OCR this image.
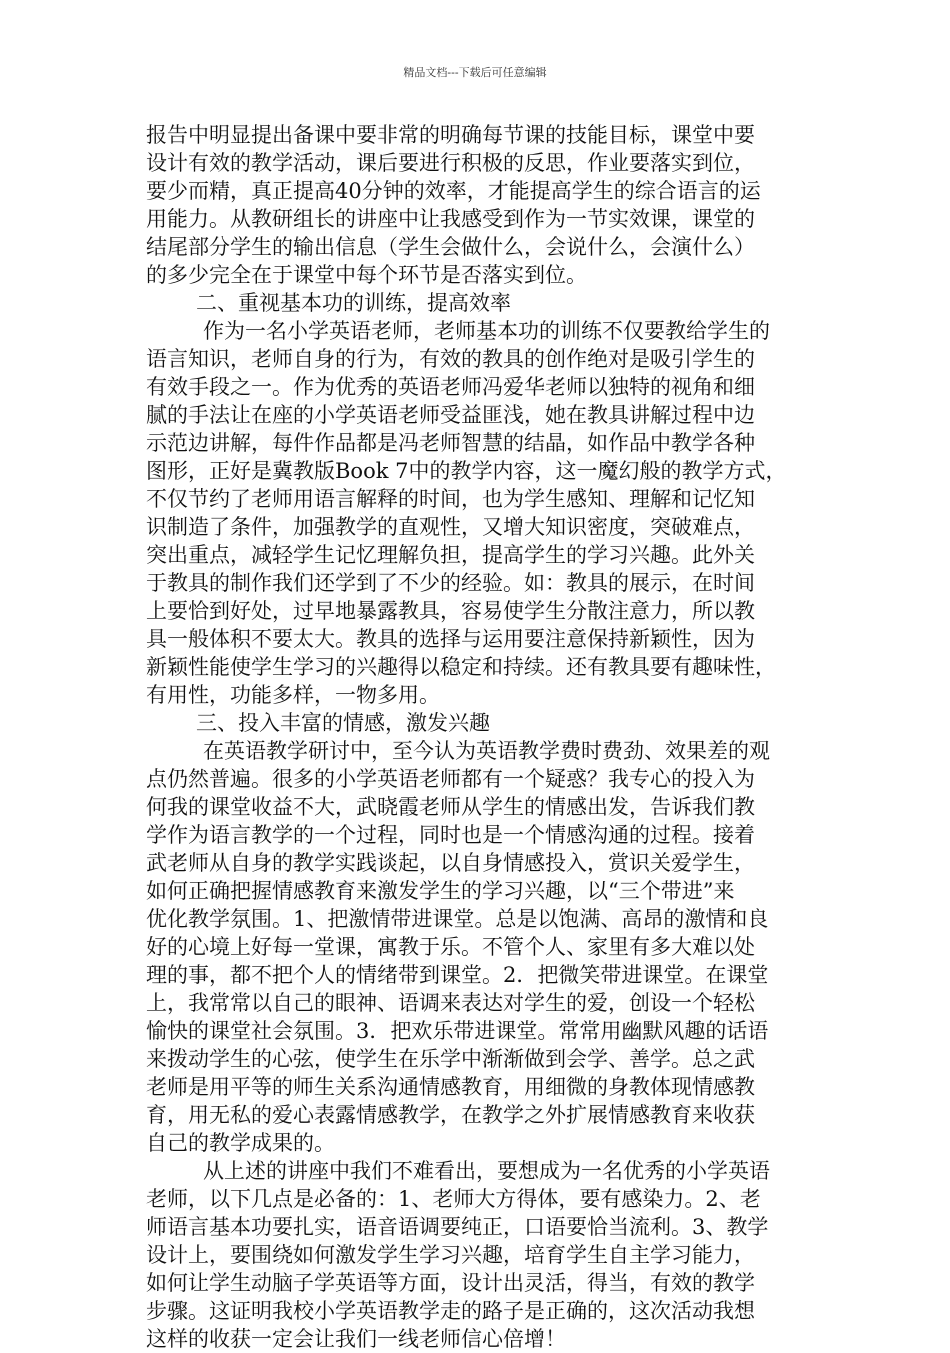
精品文档---下载后可任意编辑
报告中明显提出备课中要非常的明确每节课的技能目标，课堂中要
设计有效的教学活动，课后要进行积极的反思，作业要落实到位，
要少而精，真正提高40分钟的效率，才能提高学生的综合语言的运
用能力。从教研组长的讲座中让我感受到作为一节实效课，课堂的
结尾部分学生的输出信息（学生会做什么，会说什么，会演什么）
的多少完全在于课堂中每个环节是否落实到位。
二、重视基本功的训练，提高效率
作为一名小学英语老师，老师基本功的训练不仅要教给学生的
语言知识，老师自身的行为，有效的教具的创作绝对是吸引学生的
有效手段之一。作为优秀的英语老师冯爱华老师以独特的视角和细
腻的手法让在座的小学英语老师受益匪浅，她在教具讲解过程中边
示范边讲解，每件作品都是冯老师智慧的结晶，如作品中教学各种
图形，正好是冀教版Book 7中的教学内容，这一魔幻般的教学方式，
不仅节约了老师用语言解释的时间，也为学生感知、理解和记忆知
识制造了条件，加强教学的直观性，又增大知识密度，突破难点，
突出重点，减轻学生记忆理解负担，提高学生的学习兴趣。此外关
于教具的制作我们还学到了不少的经验。如：教具的展示，在时间
上要恰到好处，过早地暴露教具，容易使学生分散注意力，所以教
具一般体积不要太大。教具的选择与运用要注意保持新颖性，因为
新颖性能使学生学习的兴趣得以稳定和持续。还有教具要有趣味性，
有用性，功能多样，一物多用。
三、投入丰富的情感，激发兴趣
在英语教学研讨中，至今认为英语教学费时费劲、效果差的观
点仍然普遍。很多的小学英语老师都有一个疑惑？我专心的投入为
何我的课堂收益不大，武晓霞老师从学生的情感出发，告诉我们教
学作为语言教学的一个过程，同时也是一个情感沟通的过程。接着
武老师从自身的教学实践谈起，以自身情感投入，赏识关爱学生，
如何正确把握情感教育来激发学生的学习兴趣，以“三个带进”来
优化教学氛围。1、把激情带进课堂。总是以饱满、高昂的激情和良
好的心境上好每一堂课，寓教于乐。不管个人、家里有多大难以处
理的事，都不把个人的情绪带到课堂。2．把微笑带进课堂。在课堂
上，我常常以自己的眼神、语调来表达对学生的爱，创设一个轻松
愉快的课堂社会氛围。3．把欢乐带进课堂。常常用幽默风趣的话语
来拨动学生的心弦，使学生在乐学中渐渐做到会学、善学。总之武
老师是用平等的师生关系沟通情感教育，用细微的身教体现情感教
育，用无私的爱心表露情感教学，在教学之外扩展情感教育来收获
自己的教学成果的。
从上述的讲座中我们不难看出，要想成为一名优秀的小学英语
老师，以下几点是必备的：1、老师大方得体，要有感染力。2、老
师语言基本功要扎实，语音语调要纯正，口语要恰当流利。3、教学
设计上，要围绕如何激发学生学习兴趣，培育学生自主学习能力，
如何让学生动脑子学英语等方面，设计出灵活，得当，有效的教学
步骤。这证明我校小学英语教学走的路子是正确的，这次活动我想
这样的收获一定会让我们一线老师信心倍增！
